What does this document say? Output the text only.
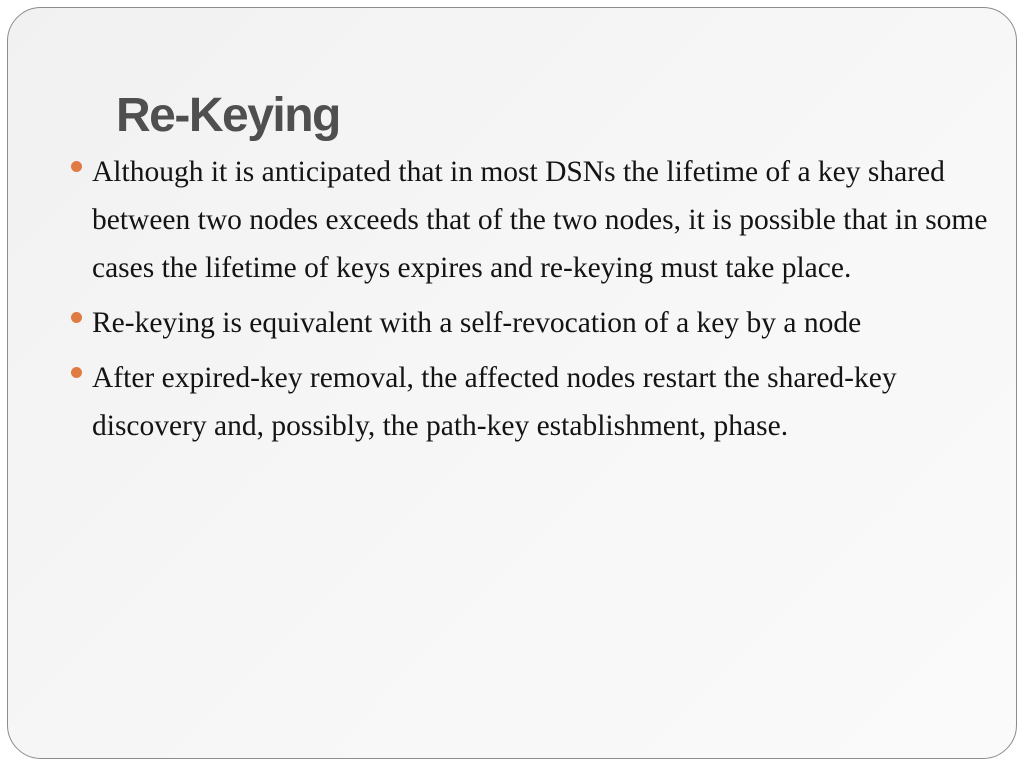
Re-Keying
Although it is anticipated that in most DSNs the lifetime of a key shared between two nodes exceeds that of the two nodes, it is possible that in some cases the lifetime of keys expires and re-keying must take place.
Re-keying is equivalent with a self-revocation of a key by a node
After expired-key removal, the affected nodes restart the shared-key discovery and, possibly, the path-key establishment, phase.
